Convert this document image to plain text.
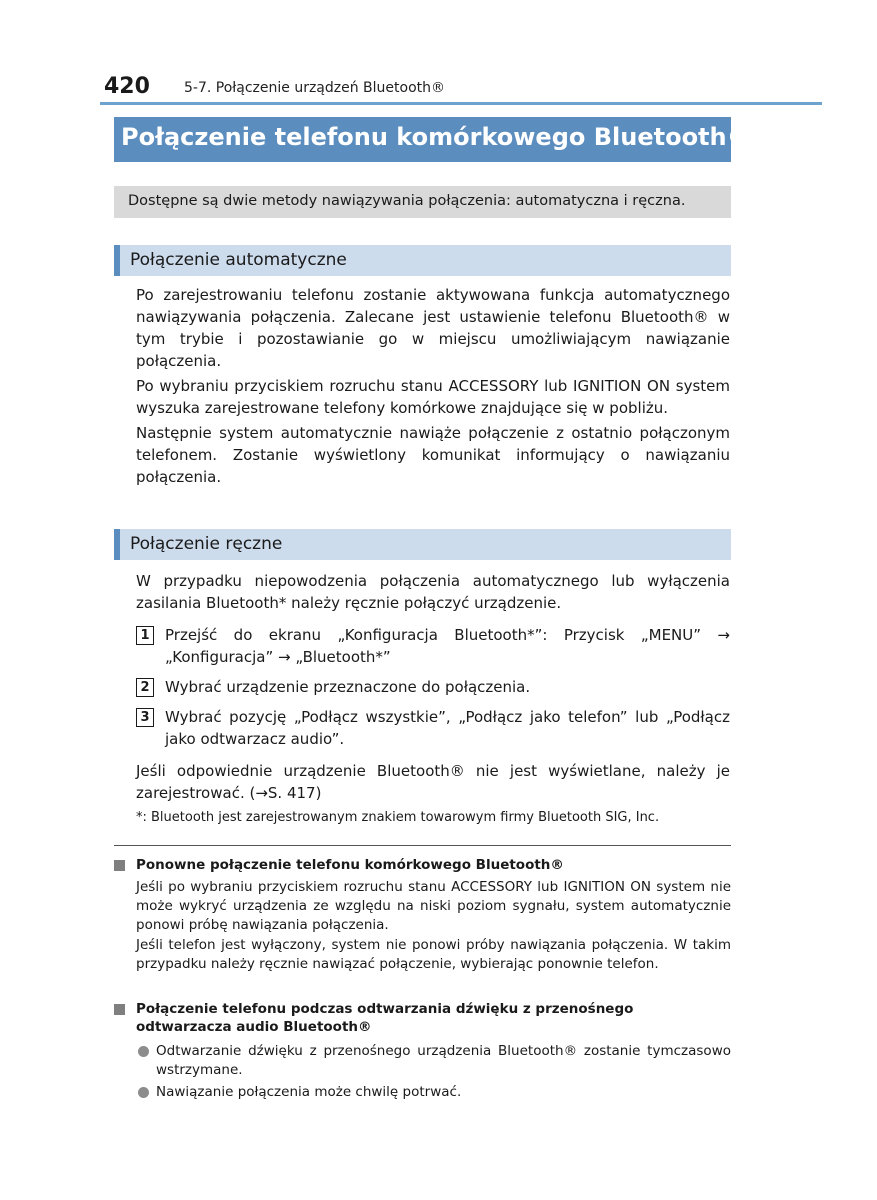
420 5-7. Połączenie urządzeń Bluetooth®
Połączenie telefonu komórkowego Bluetooth®
Dostępne są dwie metody nawiązywania połączenia: automatyczna i ręczna.
Połączenie automatyczne

Po zarejestrowaniu telefonu zostanie aktywowana funkcja automatycznego nawiązywania połączenia. Zalecane jest ustawienie telefonu Bluetooth® w tym trybie i pozostawianie go w miejscu umożliwiającym nawiązanie połączenia.

Po wybraniu przyciskiem rozruchu stanu ACCESSORY lub IGNITION ON system wyszuka zarejestrowane telefony komórkowe znajdujące się w pobliżu.

Następnie system automatycznie nawiąże połączenie z ostatnio połączonym telefonem. Zostanie wyświetlony komunikat informujący o nawiązaniu połączenia.

Połączenie ręczne

W przypadku niepowodzenia połączenia automatycznego lub wyłączenia zasilania Bluetooth* należy ręcznie połączyć urządzenie.

1 Przejść do ekranu „Konfiguracja Bluetooth*”: Przycisk „MENU” → „Konfiguracja” → „Bluetooth*”
2 Wybrać urządzenie przeznaczone do połączenia.
3 Wybrać pozycję „Podłącz wszystkie”, „Podłącz jako telefon” lub „Podłącz jako odtwarzacz audio”.

Jeśli odpowiednie urządzenie Bluetooth® nie jest wyświetlane, należy je zarejestrować. (→S. 417)

*: Bluetooth jest zarejestrowanym znakiem towarowym firmy Bluetooth SIG, Inc.
Ponowne połączenie telefonu komórkowego Bluetooth®

Jeśli po wybraniu przyciskiem rozruchu stanu ACCESSORY lub IGNITION ON system nie może wykryć urządzenia ze względu na niski poziom sygnału, system automatycznie ponowi próbę nawiązania połączenia.

Jeśli telefon jest wyłączony, system nie ponowi próby nawiązania połączenia. W takim przypadku należy ręcznie nawiązać połączenie, wybierając ponownie telefon.

Połączenie telefonu podczas odtwarzania dźwięku z przenośnego odtwarzacza audio Bluetooth®
Odtwarzanie dźwięku z przenośnego urządzenia Bluetooth® zostanie tymczasowo wstrzymane.
Nawiązanie połączenia może chwilę potrwać.
